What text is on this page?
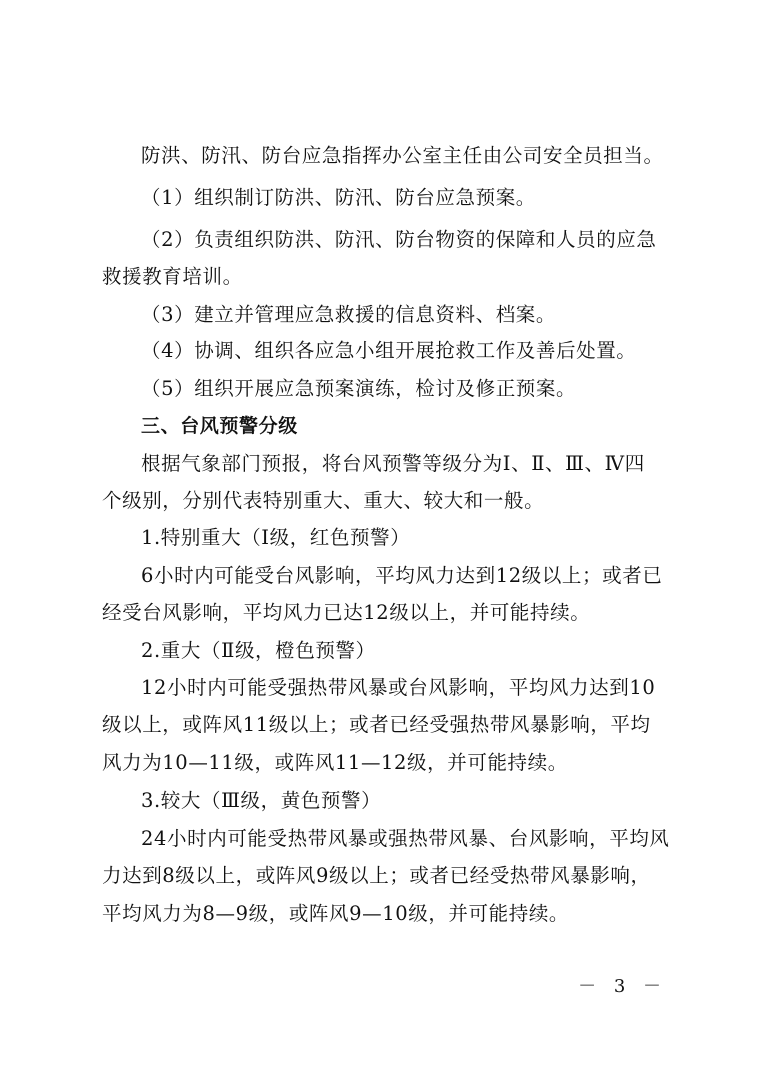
防洪、防汛、防台应急指挥办公室主任由公司安全员担当。
（1）组织制订防洪、防汛、防台应急预案。
（2）负责组织防洪、防汛、防台物资的保障和人员的应急
救援教育培训。
（3）建立并管理应急救援的信息资料、档案。
（4）协调、组织各应急小组开展抢救工作及善后处置。
（5）组织开展应急预案演练，检讨及修正预案。
三、台风预警分级
根据气象部门预报，将台风预警等级分为Ⅰ、Ⅱ、Ⅲ、Ⅳ四
个级别，分别代表特别重大、重大、较大和一般。
1.特别重大（Ⅰ级，红色预警）
6小时内可能受台风影响，平均风力达到12级以上；或者已
经受台风影响，平均风力已达12级以上，并可能持续。
2.重大（Ⅱ级，橙色预警）
12小时内可能受强热带风暴或台风影响，平均风力达到10
级以上，或阵风11级以上；或者已经受强热带风暴影响，平均
风力为10—11级，或阵风11—12级，并可能持续。
3.较大（Ⅲ级，黄色预警）
24小时内可能受热带风暴或强热带风暴、台风影响，平均风
力达到8级以上，或阵风9级以上；或者已经受热带风暴影响，
平均风力为8—9级，或阵风9—10级，并可能持续。
－ 3 －
